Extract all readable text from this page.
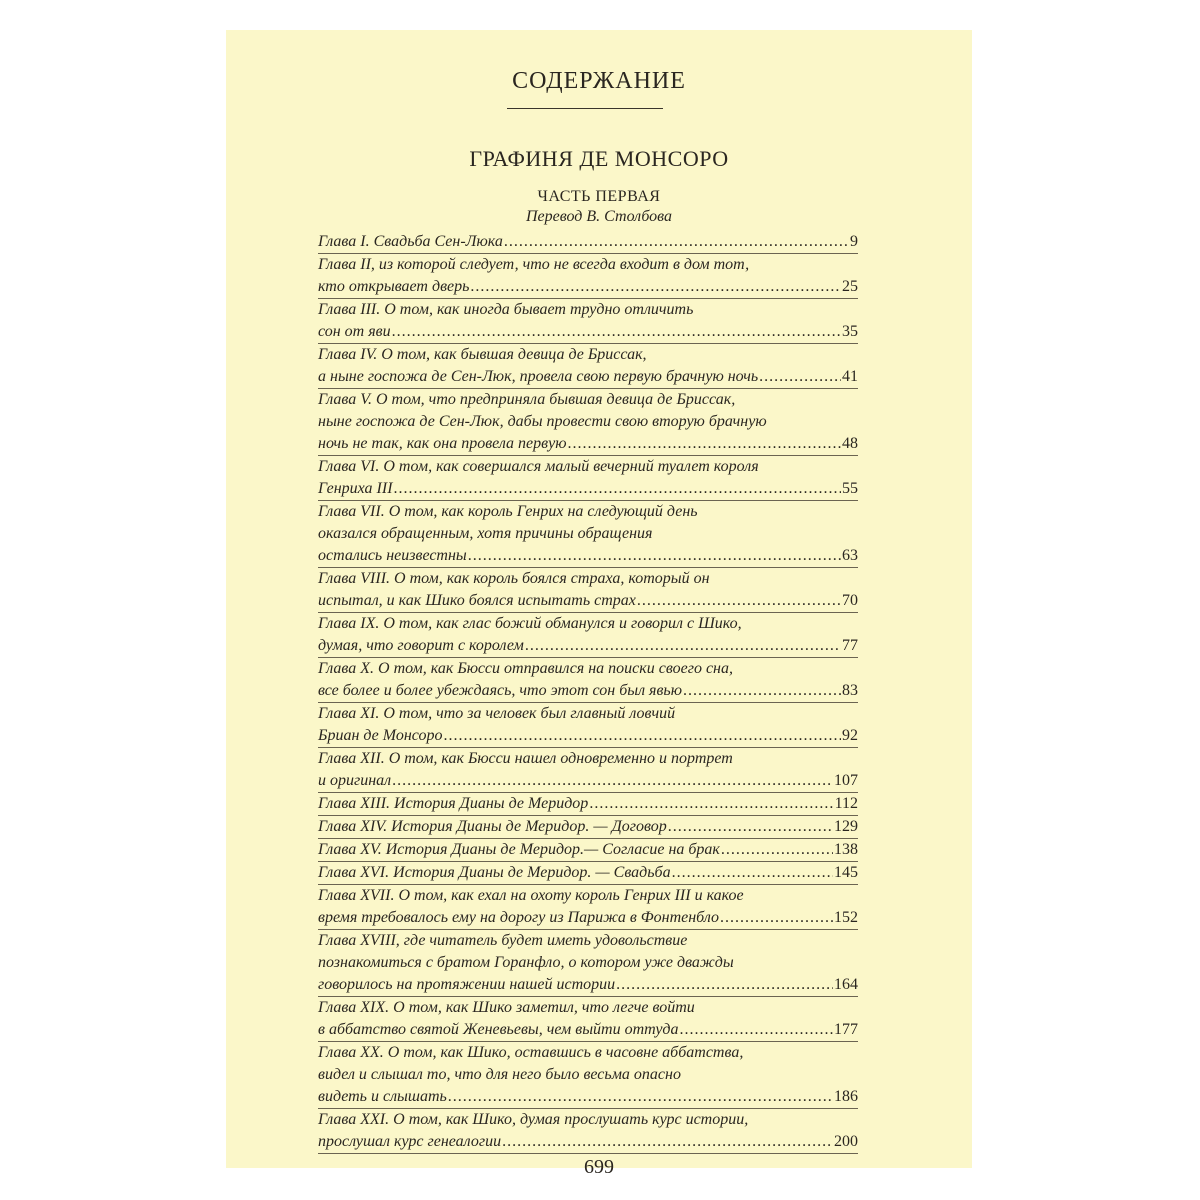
СОДЕРЖАНИЕ
ГРАФИНЯ ДЕ МОНСОРО
ЧАСТЬ ПЕРВАЯ
Перевод В. Столбова
Глава I. Свадьба Сен-Люка .....	9
Глава II, из которой следует, что не всегда входит в дом тот,
кто открывает дверь .....	25
Глава III. О том, как иногда бывает трудно отличить
сон от яви .....	35
Глава IV. О том, как бывшая девица де Бриссак,
а ныне госпожа де Сен-Люк, провела свою первую брачную ночь .....	41
Глава V. О том, что предприняла бывшая девица де Бриссак,
ныне госпожа де Сен-Люк, дабы провести свою вторую брачную
ночь не так, как она провела первую .....	48
Глава VI. О том, как совершался малый вечерний туалет короля
Генриха III .....	55
Глава VII. О том, как король Генрих на следующий день
оказался обращенным, хотя причины обращения
остались неизвестны .....	63
Глава VIII. О том, как король боялся страха, который он
испытал, и как Шико боялся испытать страх .....	70
Глава IX. О том, как глас божий обманулся и говорил с Шико,
думая, что говорит с королем .....	77
Глава X. О том, как Бюсси отправился на поиски своего сна,
все более и более убеждаясь, что этот сон был явью .....	83
Глава XI. О том, что за человек был главный ловчий
Бриан де Монсоро .....	92
Глава XII. О том, как Бюсси нашел одновременно и портрет
и оригинал .....	107
Глава XIII. История Дианы де Меридор .....	112
Глава XIV. История Дианы де Меридор. — Договор .....	129
Глава XV. История Дианы де Меридор.— Согласие на брак .....	138
Глава XVI. История Дианы де Меридор. — Свадьба .....	145
Глава XVII. О том, как ехал на охоту король Генрих III и какое
время требовалось ему на дорогу из Парижа в Фонтенбло .....	152
Глава XVIII, где читатель будет иметь удовольствие
познакомиться с братом Горанфло, о котором уже дважды
говорилось на протяжении нашей истории .....	164
Глава XIX. О том, как Шико заметил, что легче войти
в аббатство святой Женевьевы, чем выйти оттуда .....	177
Глава XX. О том, как Шико, оставшись в часовне аббатства,
видел и слышал то, что для него было весьма опасно
видеть и слышать .....	186
Глава XXI. О том, как Шико, думая прослушать курс истории,
прослушал курс генеалогии .....	200
699
